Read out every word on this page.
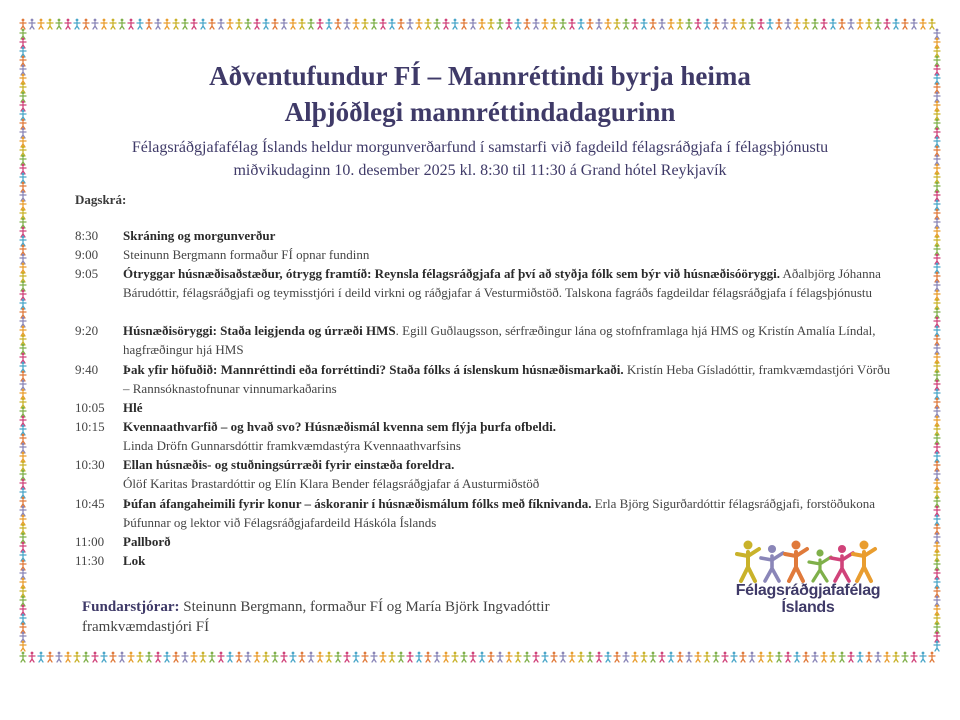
Aðventufundur FÍ – Mannréttindi byrja heima
Alþjóðlegi mannréttindadagurinn
Félagsráðgjafafélag Íslands heldur morgunverðarfund í samstarfi við fagdeild félagsráðgjafa í félagsþjónustu
miðvikudaginn 10. desember 2025 kl. 8:30 til 11:30 á Grand hótel Reykjavík
Dagskrá:
8:30	Skráning og morgunverður
9:00	Steinunn Bergmann formaður FÍ opnar fundinn
9:05	Ótryggar húsnæðisaðstæður, ótrygg framtíð: Reynsla félagsráðgjafa af því að styðja fólk sem býr við húsnæðisóöryggi. Aðalbjörg Jóhanna Bárudóttir, félagsráðgjafi og teymisstjóri í deild virkni og ráðgjafar á Vesturmiðstöð. Talskona fagráðs fagdeildar félagsráðgjafa í félagsþjónustu
9:20	Húsnæðisöryggi: Staða leigjenda og úrræði HMS. Egill Guðlaugsson, sérfræðingur lána og stofnframlaga hjá HMS og Kristín Amalía Líndal, hagfræðingur hjá HMS
9:40	Þak yfir höfuðið: Mannréttindi eða forréttindi? Staða fólks á íslenskum húsnæðismarkaði. Kristín Heba Gísladóttir, framkvæmdastjóri Vörðu – Rannsóknastofnunar vinnumarkaðarins
10:05	Hlé
10:15	Kvennaathvarfið – og hvað svo? Húsnæðismál kvenna sem flýja þurfa ofbeldi.
Linda Dröfn Gunnarsdóttir framkvæmdastýra Kvennaathvarfsins
10:30	Ellan húsnæðis- og stuðningsúrræði fyrir einstæða foreldra.
Ólöf Karitas Þrastardóttir og Elín Klara Bender félagsráðgjafar á Austurmiðstöð
10:45	Þúfan áfangaheimili fyrir konur – áskoranir í húsnæðismálum fólks með fíknivanda. Erla Björg Sigurðardóttir félagsráðgjafi, forstöðukona Þúfunnar og lektor við Félagsráðgjafardeild Háskóla Íslands
11:00	Pallborð
11:30	Lok
Fundarstjórar: Steinunn Bergmann, formaður FÍ og María Björk Ingvadóttir
framkvæmdastjóri FÍ
Félagsráðgjafafélag
Íslands
